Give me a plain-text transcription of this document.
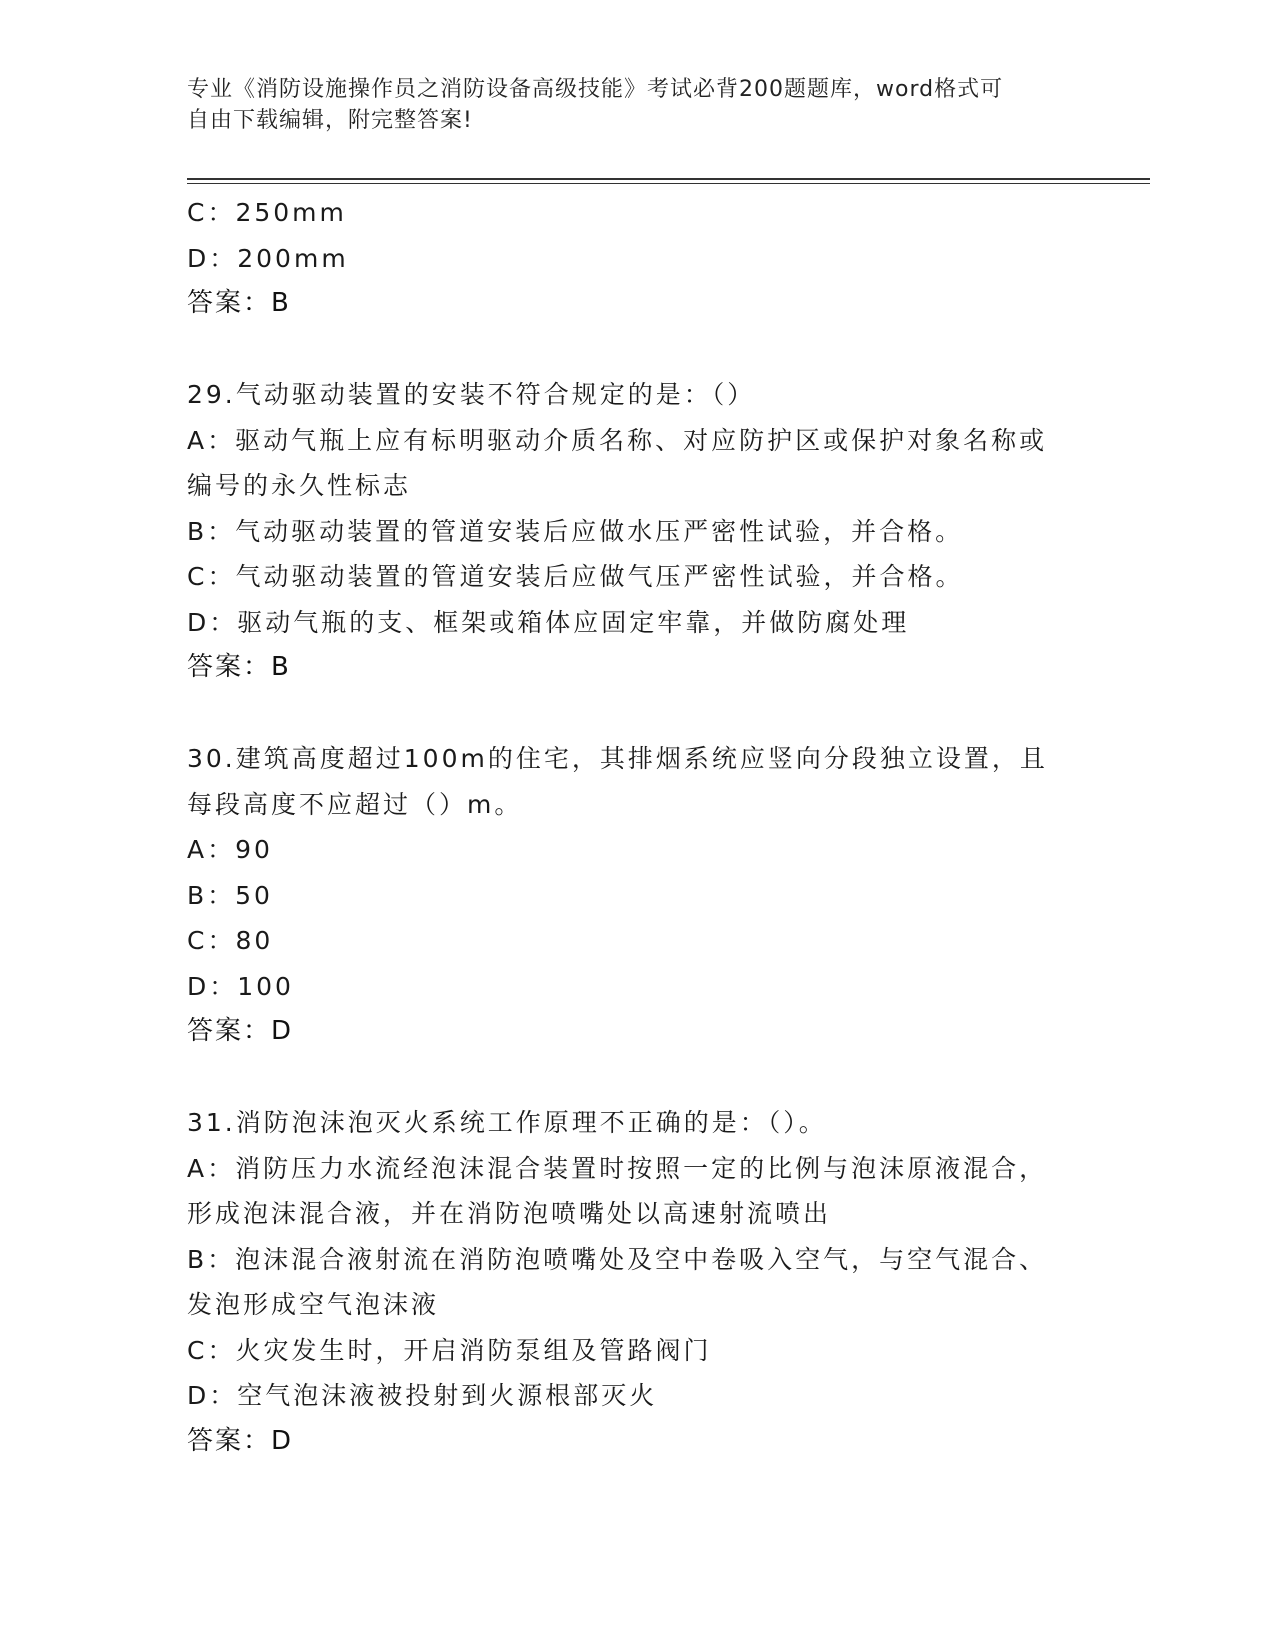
专业《消防设施操作员之消防设备高级技能》考试必背200题题库，word格式可
自由下载编辑，附完整答案!
C：250mm
D：200mm
答案：B
29.气动驱动装置的安装不符合规定的是：（）
A：驱动气瓶上应有标明驱动介质名称、对应防护区或保护对象名称或
编号的永久性标志
B：气动驱动装置的管道安装后应做水压严密性试验，并合格。
C：气动驱动装置的管道安装后应做气压严密性试验，并合格。
D：驱动气瓶的支、框架或箱体应固定牢靠，并做防腐处理
答案：B
30.建筑高度超过100m的住宅，其排烟系统应竖向分段独立设置，且
每段高度不应超过（）m。
A：90
B：50
C：80
D：100
答案：D
31.消防泡沫泡灭火系统工作原理不正确的是：（）。
A：消防压力水流经泡沫混合装置时按照一定的比例与泡沫原液混合，
形成泡沫混合液，并在消防泡喷嘴处以高速射流喷出
B：泡沫混合液射流在消防泡喷嘴处及空中卷吸入空气，与空气混合、
发泡形成空气泡沫液
C：火灾发生时，开启消防泵组及管路阀门
D：空气泡沫液被投射到火源根部灭火
答案：D
